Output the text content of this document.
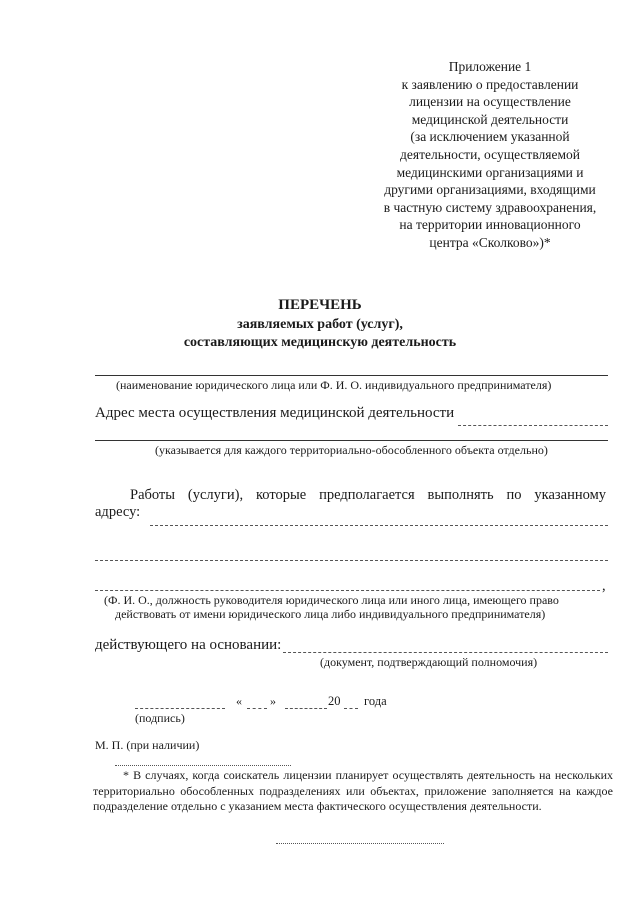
Приложение 1
к заявлению о предоставлении
лицензии на осуществление
медицинской деятельности
(за исключением указанной
деятельности, осуществляемой
медицинскими организациями и
другими организациями, входящими
в частную систему здравоохранения,
на территории инновационного
центра «Сколково»)*
ПЕРЕЧЕНЬ
заявляемых работ (услуг),
составляющих медицинскую деятельность
(наименование юридического лица или Ф. И. О. индивидуального предпринимателя)
Адрес места осуществления медицинской деятельности
(указывается для каждого территориально-обособленного объекта отдельно)
Работы (услуги), которые предполагается выполнять по указанному
адресу:
,
(Ф. И. О., должность руководителя юридического лица или иного лица, имеющего право
действовать от имени юридического лица либо индивидуального предпринимателя)
действующего на основании:
(документ, подтверждающий полномочия)
« »	20 года
(подпись)
М. П. (при наличии)
* В случаях, когда соискатель лицензии планирует осуществлять деятельность на нескольких территориально обособленных подразделениях или объектах, приложение заполняется на каждое подразделение отдельно с указанием места фактического осуществления деятельности.
